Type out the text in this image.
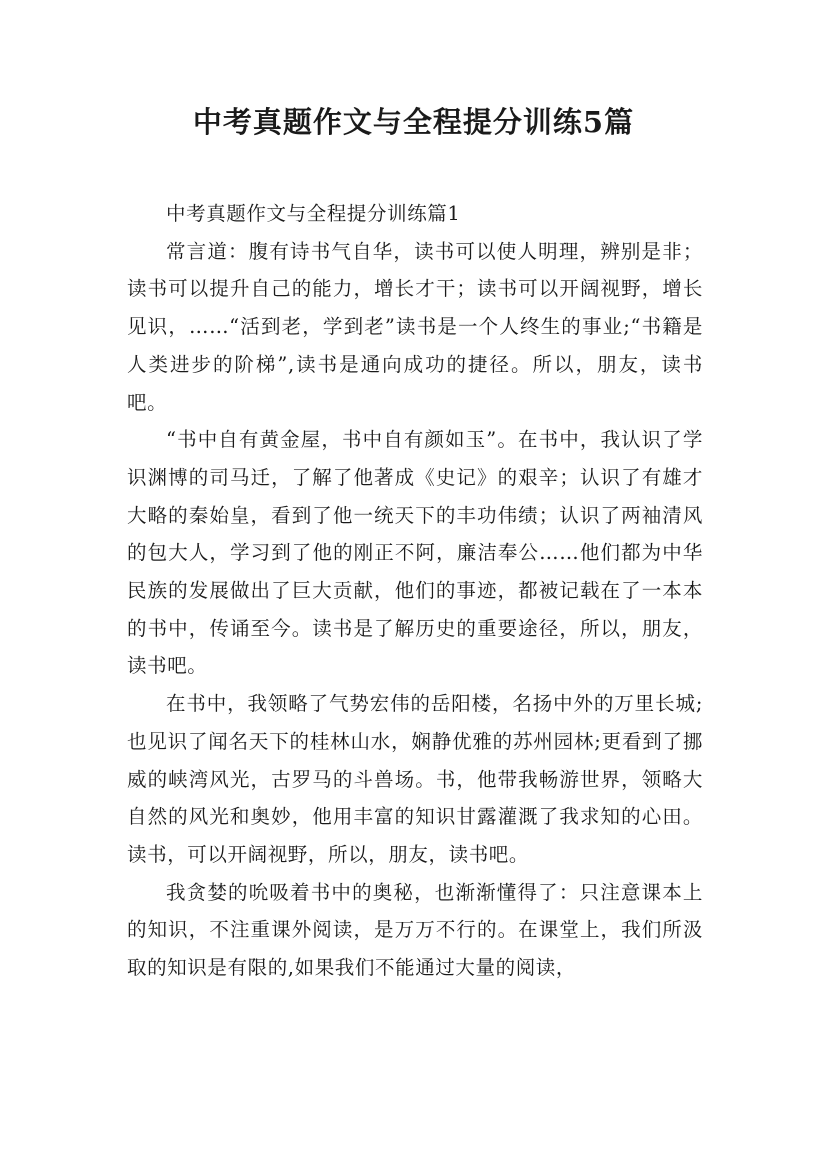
中考真题作文与全程提分训练5篇

中考真题作文与全程提分训练篇1

常言道：腹有诗书气自华，读书可以使人明理，辨别是非；读书可以提升自己的能力，增长才干；读书可以开阔视野，增长见识，……“活到老，学到老”读书是一个人终生的事业;“书籍是人类进步的阶梯”,读书是通向成功的捷径。所以，朋友，读书吧。

“书中自有黄金屋，书中自有颜如玉”。在书中，我认识了学识渊博的司马迁，了解了他著成《史记》的艰辛；认识了有雄才大略的秦始皇，看到了他一统天下的丰功伟绩；认识了两袖清风的包大人，学习到了他的刚正不阿，廉洁奉公……他们都为中华民族的发展做出了巨大贡献，他们的事迹，都被记载在了一本本的书中，传诵至今。读书是了解历史的重要途径，所以，朋友，读书吧。

在书中，我领略了气势宏伟的岳阳楼，名扬中外的万里长城;也见识了闻名天下的桂林山水，娴静优雅的苏州园林;更看到了挪威的峡湾风光，古罗马的斗兽场。书，他带我畅游世界，领略大自然的风光和奥妙，他用丰富的知识甘露灌溉了我求知的心田。读书，可以开阔视野，所以，朋友，读书吧。

我贪婪的吮吸着书中的奥秘，也渐渐懂得了：只注意课本上的知识，不注重课外阅读，是万万不行的。在课堂上，我们所汲取的知识是有限的,如果我们不能通过大量的阅读，
